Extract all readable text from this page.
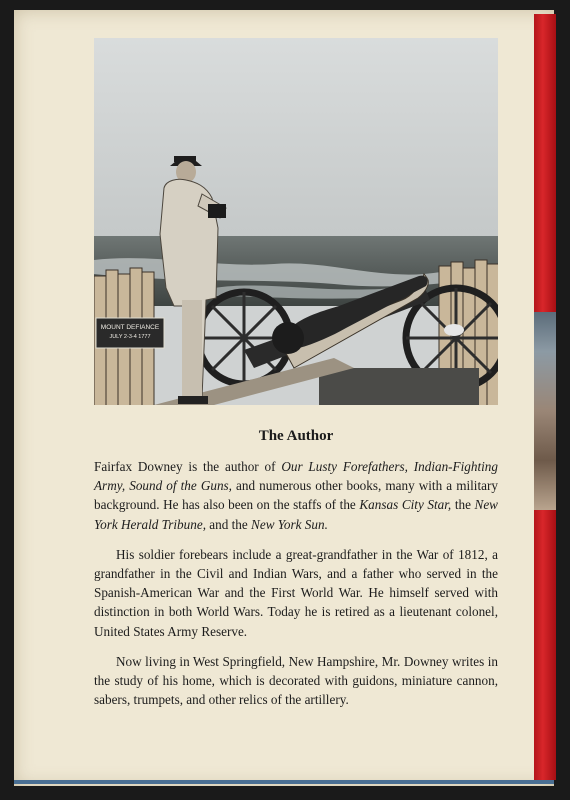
MOUNT DEFIANCE
JULY 2-3-4 1777
The Author

Fairfax Downey is the author of Our Lusty Forefathers, Indian-Fighting Army, Sound of the Guns, and numerous other books, many with a military background. He has also been on the staffs of the Kansas City Star, the New York Herald Tribune, and the New York Sun.

His soldier forebears include a great-grandfather in the War of 1812, a grandfather in the Civil and Indian Wars, and a father who served in the Spanish-American War and the First World War. He himself served with distinction in both World Wars. Today he is retired as a lieutenant colonel, United States Army Reserve.

Now living in West Springfield, New Hampshire, Mr. Downey writes in the study of his home, which is decorated with guidons, miniature cannon, sabers, trumpets, and other relics of the artillery.
